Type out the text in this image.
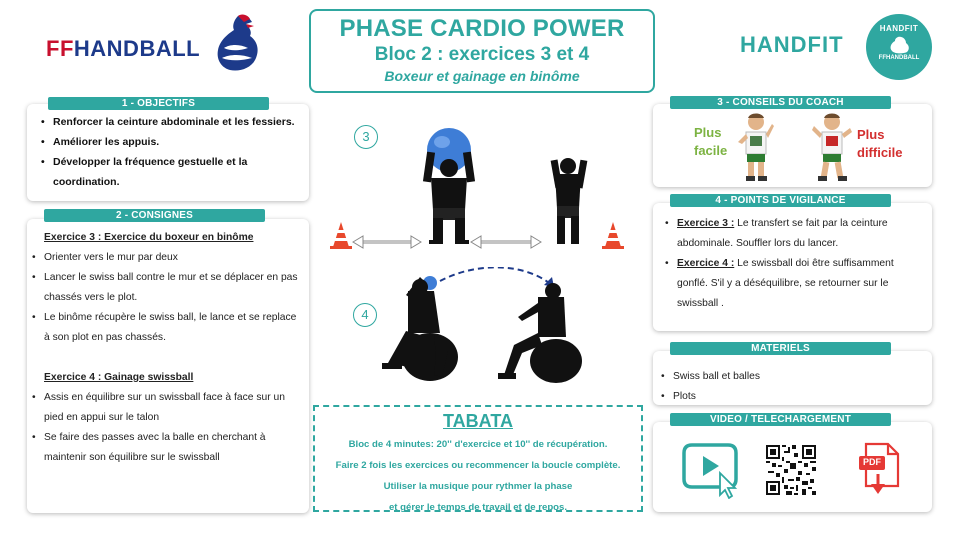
FFHANDBALL
PHASE CARDIO POWER
Bloc 2 : exercices 3 et 4
Boxeur et gainage en binôme
HANDFIT
HANDFIT
FFHANDBALL
• Renforcer la ceinture abdominale et les fessiers.
• Améliorer les appuis.
• Développer la fréquence gestuelle et la coordination.
1 - OBJECTIFS
Exercice 3 : Exercice du boxeur en binôme
• Orienter vers le mur par deux
• Lancer le swiss ball contre le mur et se déplacer en pas chassés vers le plot.
• Le binôme récupère le swiss ball, le lance et se replace à son plot en pas chassés.
Exercice 4 : Gainage swissball
• Assis en équilibre sur un swissball face à face sur un pied en appui sur le talon
• Se faire des passes avec la balle en cherchant à maintenir son équilibre sur le swissball
2 - CONSIGNES
3
4
TABATA
Bloc de 4 minutes: 20'' d'exercice et 10'' de récupération.
Faire 2 fois les exercices ou recommencer la boucle complète.
Utiliser la musique pour rythmer la phase
et gérer le temps de travail et de repos.
3 - CONSEILS DU COACH
Plus
facile
Plus
difficile
• Exercice 3 : Le transfert se fait par la ceinture abdominale. Souffler lors du lancer.
• Exercice 4 : Le swissball doi être suffisamment gonflé. S'il y a déséquilibre, se retourner sur le swissball .
4 - POINTS DE VIGILANCE
• Swiss ball et balles
• Plots
MATERIELS
VIDEO / TELECHARGEMENT
PDF
